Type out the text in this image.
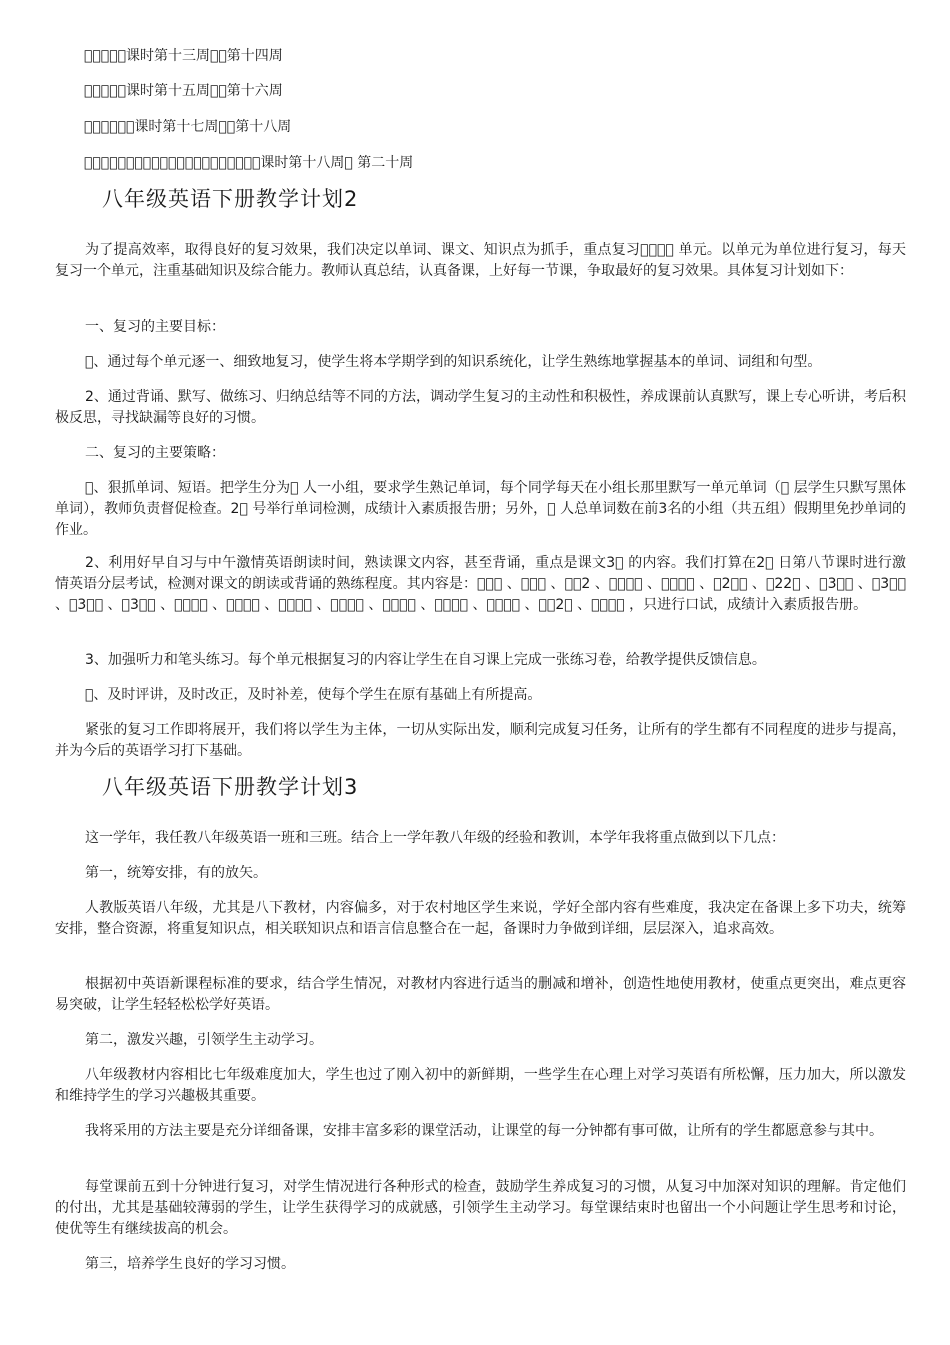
     课时第十三周  第十四周
     课时第十五周  第十六周
      课时第十七周  第十八周
                     课时第十八周  第二十周
八年级英语下册教学计划2
为了提高效率，取得良好的复习效果，我们决定以单词、课文、知识点为抓手，重点复习     单元。以单元为单位进行复习，每天复习一个单元，注重基础知识及综合能力。教师认真总结，认真备课，上好每一节课，争取最好的复习效果。具体复习计划如下：
一、复习的主要目标：
 、通过每个单元逐一、细致地复习，使学生将本学期学到的知识系统化，让学生熟练地掌握基本的单词、词组和句型。
2、通过背诵、默写、做练习、归纳总结等不同的方法，调动学生复习的主动性和积极性，养成课前认真默写，课上专心听讲，考后积极反思，寻找缺漏等良好的习惯。
二、复习的主要策略：
 、狠抓单词、短语。把学生分为  人一小组，要求学生熟记单词，每个同学每天在小组长那里默写一单元单词（  层学生只默写黑体单词），教师负责督促检查。2  号举行单词检测，成绩计入素质报告册；另外，  人总单词数在前3名的小组（共五组）假期里免抄单词的作业。
2、利用好早自习与中午激情英语朗读时间，熟读课文内容，甚至背诵，重点是课文3  的内容。我们打算在2  日第八节课时进行激情英语分层考试，检测对课文的朗读或背诵的熟练程度。其内容是：    、    、  2 、     、     、 2   、 22  、 3   、 3   、 3   、 3   、     、     、     、     、     、     、     、  2  、     ，只进行口试，成绩计入素质报告册。
3、加强听力和笔头练习。每个单元根据复习的内容让学生在自习课上完成一张练习卷，给教学提供反馈信息。
 、及时评讲，及时改正，及时补差，使每个学生在原有基础上有所提高。
紧张的复习工作即将展开，我们将以学生为主体，一切从实际出发，顺利完成复习任务，让所有的学生都有不同程度的进步与提高，并为今后的英语学习打下基础。
八年级英语下册教学计划3
这一学年，我任教八年级英语一班和三班。结合上一学年教八年级的经验和教训，本学年我将重点做到以下几点：
第一，统筹安排，有的放矢。
人教版英语八年级，尤其是八下教材，内容偏多，对于农村地区学生来说，学好全部内容有些难度，我决定在备课上多下功夫，统筹安排，整合资源，将重复知识点，相关联知识点和语言信息整合在一起，备课时力争做到详细，层层深入，追求高效。
根据初中英语新课程标准的要求，结合学生情况，对教材内容进行适当的删减和增补，创造性地使用教材，使重点更突出，难点更容易突破，让学生轻轻松松学好英语。
第二，激发兴趣，引领学生主动学习。
八年级教材内容相比七年级难度加大，学生也过了刚入初中的新鲜期，一些学生在心理上对学习英语有所松懈，压力加大，所以激发和维持学生的学习兴趣极其重要。
我将采用的方法主要是充分详细备课，安排丰富多彩的课堂活动，让课堂的每一分钟都有事可做，让所有的学生都愿意参与其中。
每堂课前五到十分钟进行复习，对学生情况进行各种形式的检查，鼓励学生养成复习的习惯，从复习中加深对知识的理解。肯定他们的付出，尤其是基础较薄弱的学生，让学生获得学习的成就感，引领学生主动学习。每堂课结束时也留出一个小问题让学生思考和讨论，使优等生有继续拔高的机会。
第三，培养学生良好的学习习惯。
